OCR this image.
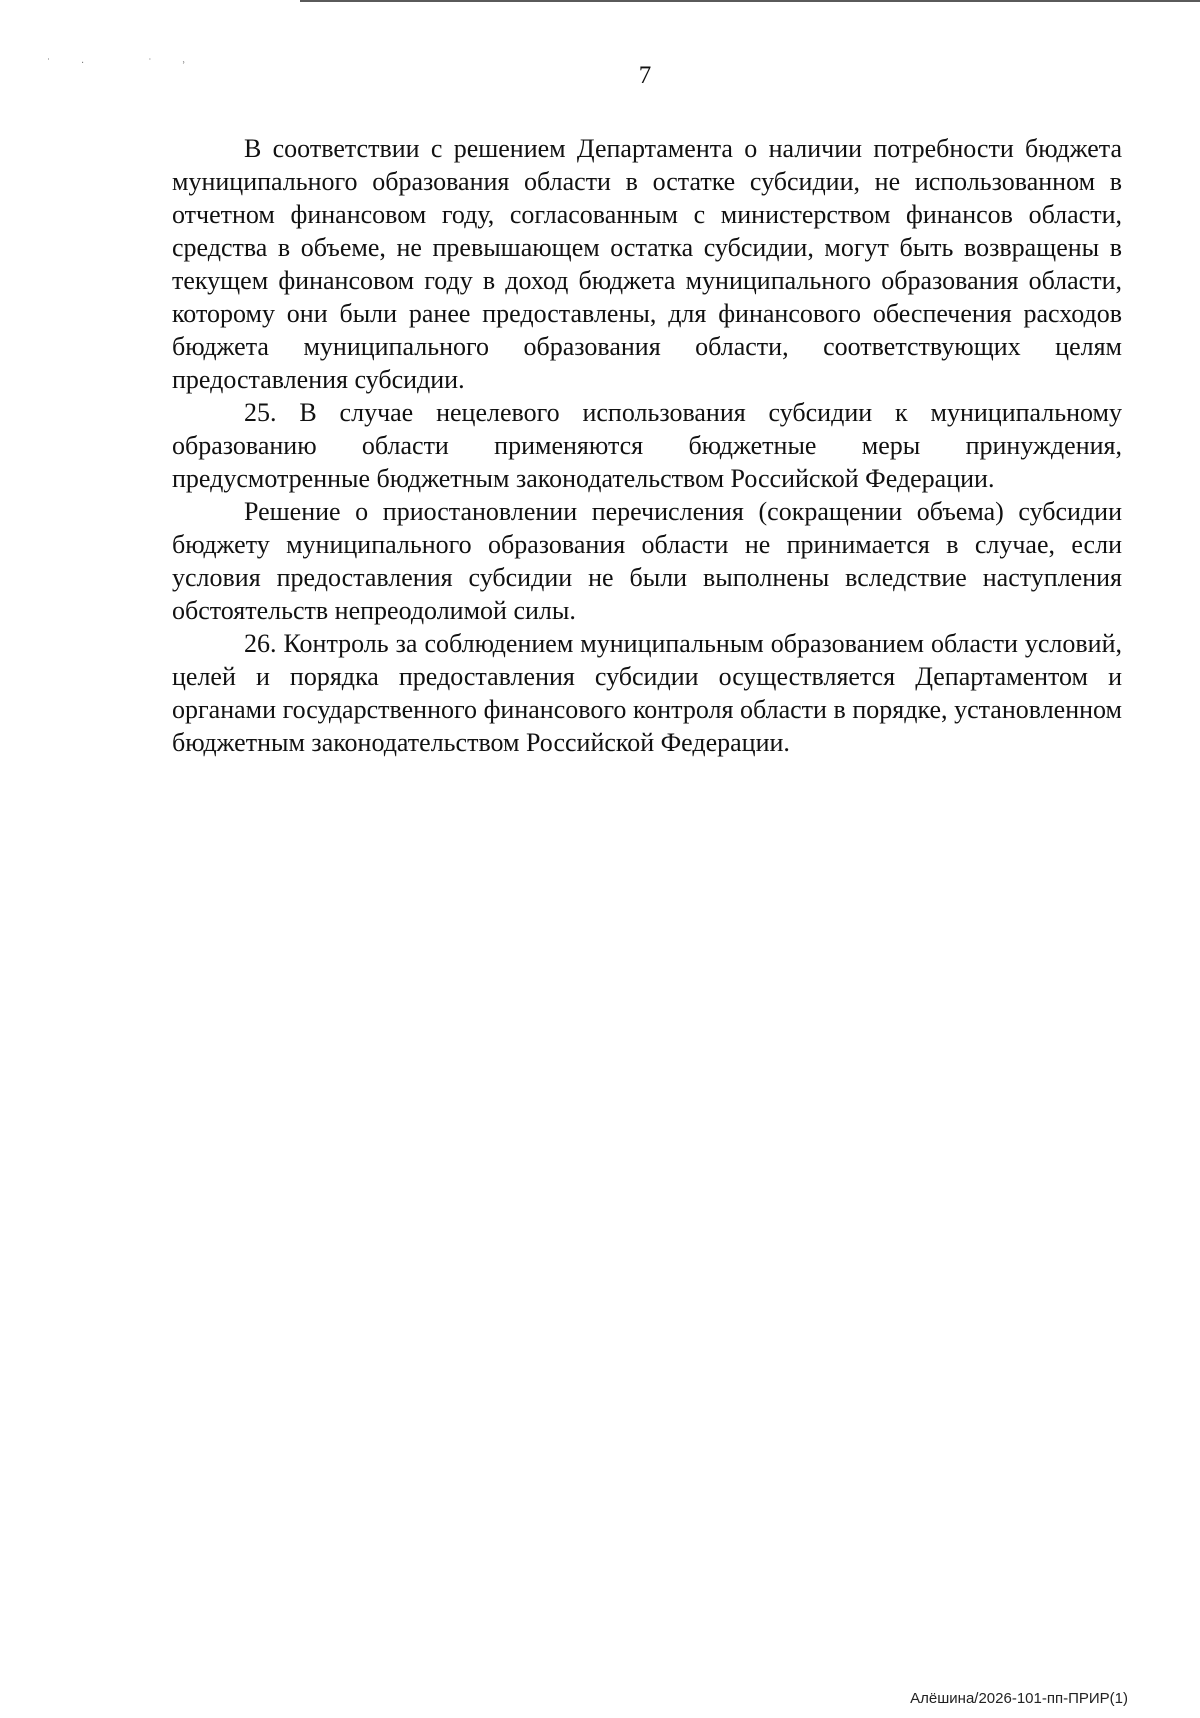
˙· ˙˒	7

В соответствии с решением Департамента о наличии потребности бюджета муниципального образования области в остатке субсидии, не использованном в отчетном финансовом году, согласованным с министерством финансов области, средства в объеме, не превышающем остатка субсидии, могут быть возвращены в текущем финансовом году в доход бюджета муниципального образования области, которому они были ранее предоставлены, для финансового обеспечения расходов бюджета муниципального образования области, соответствующих целям предоставления субсидии.

25. В случае нецелевого использования субсидии к муниципальному образованию области применяются бюджетные меры принуждения, предусмотренные бюджетным законодательством Российской Федерации.

Решение о приостановлении перечисления (сокращении объема) субсидии бюджету муниципального образования области не принимается в случае, если условия предоставления субсидии не были выполнены вследствие наступления обстоятельств непреодолимой силы.

26. Контроль за соблюдением муниципальным образованием области условий, целей и порядка предоставления субсидии осуществляется Департаментом и органами государственного финансового контроля области в порядке, установленном бюджетным законодательством Российской Федерации.

Алёшина/2026-101-пп-ПРИР(1)
